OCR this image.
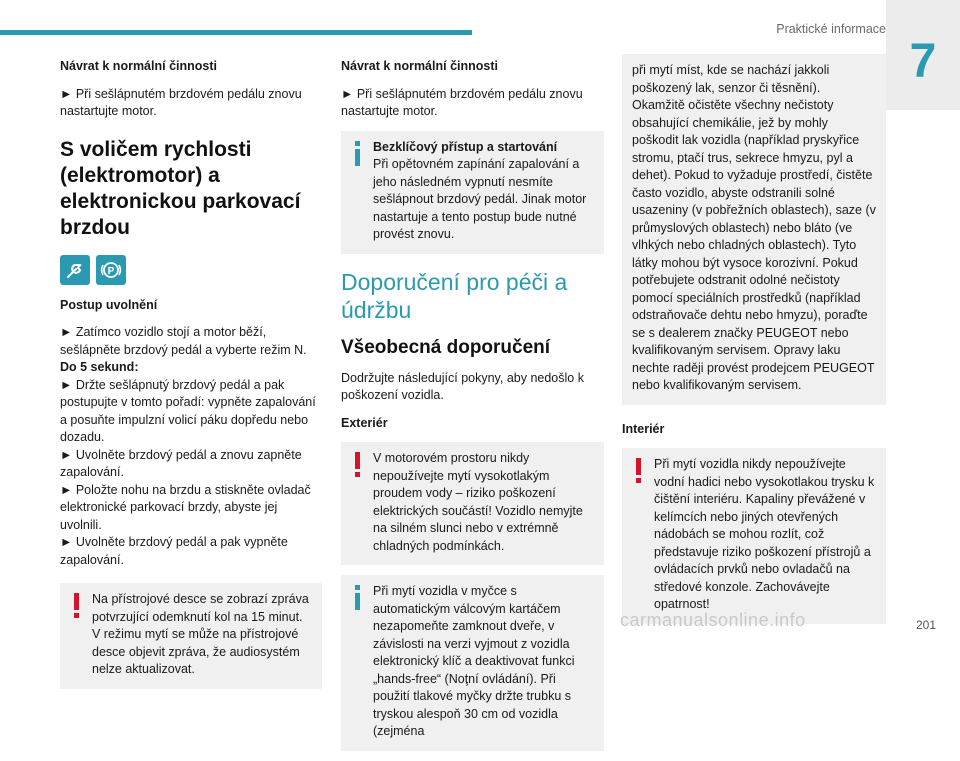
Praktické informace
7
Návrat k normální činnosti

► Při sešlápnutém brzdovém pedálu znovu nastartujte motor.

S voličem rychlosti (elektromotor) a elektronickou parkovací brzdou
P
Postup uvolnění

► Zatímco vozidlo stojí a motor běží, sešlápněte brzdový pedál a vyberte režim N.

Do 5 sekund:

► Držte sešlápnutý brzdový pedál a pak postupujte v tomto pořadí: vypněte zapalování a posuňte impulzní volicí páku dopředu nebo dozadu.

► Uvolněte brzdový pedál a znovu zapněte zapalování.

► Položte nohu na brzdu a stiskněte ovladač elektronické parkovací brzdy, abyste jej uvolnili.

► Uvolněte brzdový pedál a pak vypněte zapalování.

Na přístrojové desce se zobrazí zpráva potvrzující odemknutí kol na 15 minut. V režimu mytí se může na přístrojové desce objevit zpráva, že audiosystém nelze aktualizovat.
Návrat k normální činnosti

► Při sešlápnutém brzdovém pedálu znovu nastartujte motor.

Bezklíčový přístup a startování
Při opětovném zapínání zapalování a jeho následném vypnutí nesmíte sešlápnout brzdový pedál. Jinak motor nastartuje a tento postup bude nutné provést znovu.
Doporučení pro péči a údržbu
Všeobecná doporučení

Dodržujte následující pokyny, aby nedošlo k poškození vozidla.

Exteriér
V motorovém prostoru nikdy nepoužívejte mytí vysokotlakým proudem vody – riziko poškození elektrických součástí! Vozidlo nemyjte na silném slunci nebo v extrémně chladných podmínkách.
Při mytí vozidla v myčce s automatickým válcovým kartáčem nezapomeňte zamknout dveře, v závislosti na verzi vyjmout z vozidla elektronický klíč a deaktivovat funkci „hands-free“ (Noţní ovládání). Při použití tlakové myčky držte trubku s tryskou alespoň 30 cm od vozidla (zejména
při mytí míst, kde se nachází jakkoli poškozený lak, senzor či těsnění). Okamžitě očistěte všechny nečistoty obsahující chemikálie, jež by mohly poškodit lak vozidla (například pryskyřice stromu, ptačí trus, sekrece hmyzu, pyl a dehet). Pokud to vyžaduje prostředí, čistěte často vozidlo, abyste odstranili solné usazeniny (v pobřežních oblastech), saze (v průmyslových oblastech) nebo bláto (ve vlhkých nebo chladných oblastech). Tyto látky mohou být vysoce korozivní. Pokud potřebujete odstranit odolné nečistoty pomocí speciálních prostředků (například odstraňovače dehtu nebo hmyzu), poraďte se s dealerem značky PEUGEOT nebo kvalifikovaným servisem. Opravy laku nechte raději provést prodejcem PEUGEOT nebo kvalifikovaným servisem.
Interiér
Při mytí vozidla nikdy nepoužívejte vodní hadici nebo vysokotlakou trysku k čištění interiéru. Kapaliny převážené v kelímcích nebo jiných otevřených nádobách se mohou rozlít, což představuje riziko poškození přístrojů a ovládacích prvků nebo ovladačů na středové konzole. Zachovávejte opatrnost!
carmanualsonline.info	201
